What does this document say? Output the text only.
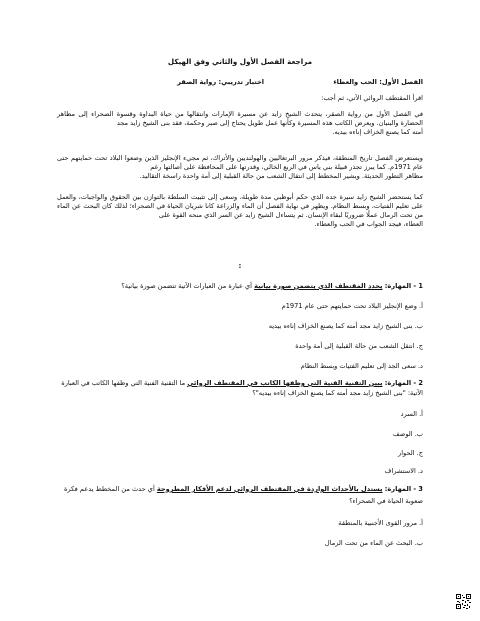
مراجعة الفصل الأول والثاني وفق الهيكل
الفصل الأول: الحب والعطاء
اختبار تدريبي: رواية الصقر
اقرأ المقتطف الروائي الآتي، ثم أجب:
في الفصل الأول من رواية الصقر، يتحدث الشيخ زايد عن مسيرة الإمارات وانتقالها من حياة البداوة وقسوة الصحراء إلى مظاهر الحضارة والبنيان. ويعرض الكاتب هذه المسيرة وكأنها عمل طويل يحتاج إلى صبر وحكمة، فقد بنى الشيخ زايد مجد
أمته كما يصنع الخزاف إناءه بيديه.
ويستعرض الفصل تاريخ المنطقة، فيذكر مرور البرتغاليين والهولنديين والأتراك، ثم مجيء الإنجليز الذين وضعوا البلاد تحت حمايتهم حتى عام 1971م. كما يبرز تجذر قبيلة بني ياس في الربع الخالي، وقدرتها على المحافظة على أصالتها رغم
مظاهر التطور الحديثة. ويشير المخطط إلى انتقال الشعب من حالة القبلية إلى أمة واحدة راسخة التقاليد.
كما يستحضر الشيخ زايد سيرة جده الذي حكم أبوظبي مدة طويلة، وسعى إلى تثبيت السلطة بالتوازن بين الحقوق والواجبات، والعمل على تعليم الفتيات، وبسط النظام. ويظهر في نهاية الفصل أن الماء والزراعة كانا شريان الحياة في الصحراء؛ لذلك كان البحث عن الماء من تحت الرمال عملًا ضروريًا لبقاء الإنسان. ثم يتساءل الشيخ زايد عن السر الذي منحه القوة على
العطاء، فيجد الجواب في الحب والعطاء.
:
1 - المهارة: يحدد المقتطف الذي يتضمن صورة بيانية أي عبارة من العبارات الآتية تتضمن صورة بيانية؟
أ. وضع الإنجليز البلاد تحت حمايتهم حتى عام 1971م
ب. بنى الشيخ زايد مجد أمته كما يصنع الخزاف إناءه بيديه
ج. انتقل الشعب من حالة القبلية إلى أمة واحدة
د. سعى الجد إلى تعليم الفتيات وبسط النظام
2 - المهارة: يبين التقنية الفنية التي وظفها الكاتب في المقتطف الروائي ما التقنية الفنية التي وظفها الكاتب في العبارة
الآتية: "بنى الشيخ زايد مجد أمته كما يصنع الخزاف إناءه بيديه"؟
أ. السرد
ب. الوصف
ج. الحوار
د. الاستشراف
3 - المهارة: يستدل بالأحداث الواردة في المقتطف الروائي لدعم الأفكار المطروحة أي حدث من المخطط يدعم فكرة
صعوبة الحياة في الصحراء؟
أ. مرور القوى الأجنبية بالمنطقة
ب. البحث عن الماء من تحت الرمال
